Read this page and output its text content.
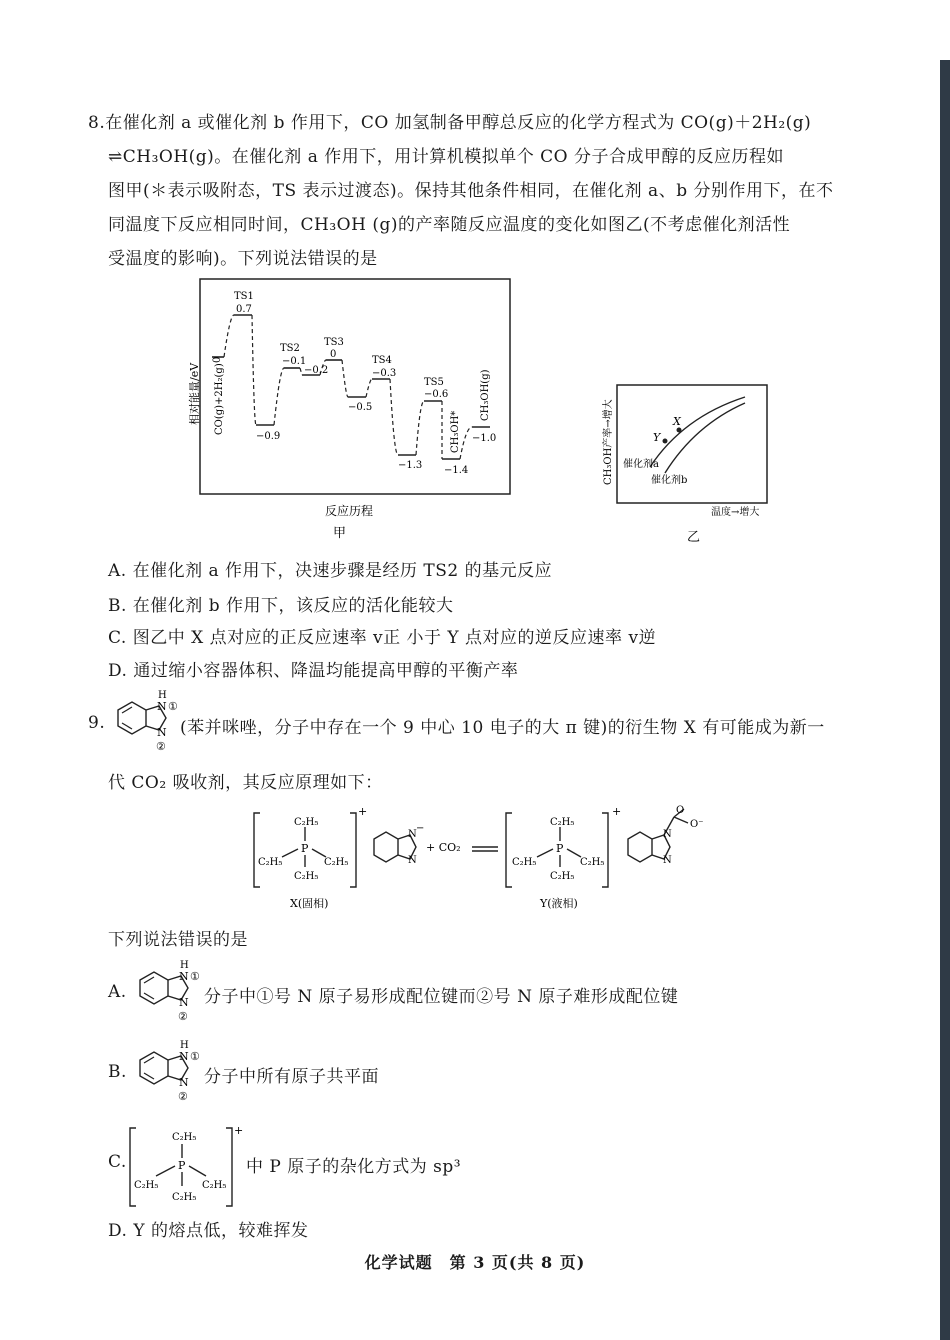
8.在催化剂 a 或催化剂 b 作用下，CO 加氢制备甲醇总反应的化学方程式为 CO(g)＋2H₂(g)
⇌CH₃OH(g)。在催化剂 a 作用下，用计算机模拟单个 CO 分子合成甲醇的反应历程如
图甲(＊表示吸附态，TS 表示过渡态)。保持其他条件相同，在催化剂 a、b 分别作用下，在不
同温度下反应相同时间，CH₃OH (g)的产率随反应温度的变化如图乙(不考虑催化剂活性
受温度的影响)。下列说法错误的是
相对能量/eV CO(g)+2H₂(g)
0
TS1
0.7
−0.9
TS2
−0.1
−0.2
TS3
0
−0.5
TS4
−0.3
−1.3
TS5
−0.6
CH₃OH*
−1.4
CH₃OH(g)
−1.0
反应历程
甲
CH₃OH产率→增大	X
Y
催化剂a
催化剂b
温度→增大
乙
A. 在催化剂 a 作用下，决速步骤是经历 TS2 的基元反应
B. 在催化剂 b 作用下，该反应的活化能较大
C. 图乙中 X 点对应的正反应速率 v正 小于 Y 点对应的逆反应速率 v逆
D. 通过缩小容器体积、降温均能提高甲醇的平衡产率
9.
N
H
①
N
②
(苯并咪唑，分子中存在一个 9 中心 10 电子的大 π 键)的衍生物 X 有可能成为新一
代 CO₂ 吸收剂，其反应原理如下：
C₂H₅
P
C₂H₅	C₂H₅
C₂H₅
+
N
−
N
+ CO₂
C₂H₅
P
C₂H₅	C₂H₅
C₂H₅
+
N
N
O
O⁻
X(固相)	Y(液相)
下列说法错误的是
A.
H
N ①
N
②
分子中①号 N 原子易形成配位键而②号 N 原子难形成配位键
B.
H
N ①
N
②
分子中所有原子共平面
C.
C₂H₅
P
C₂H₅	C₂H₅
C₂H₅
+
中 P 原子的杂化方式为 sp³
D. Y 的熔点低，较难挥发
化学试题　第 3 页(共 8 页)
